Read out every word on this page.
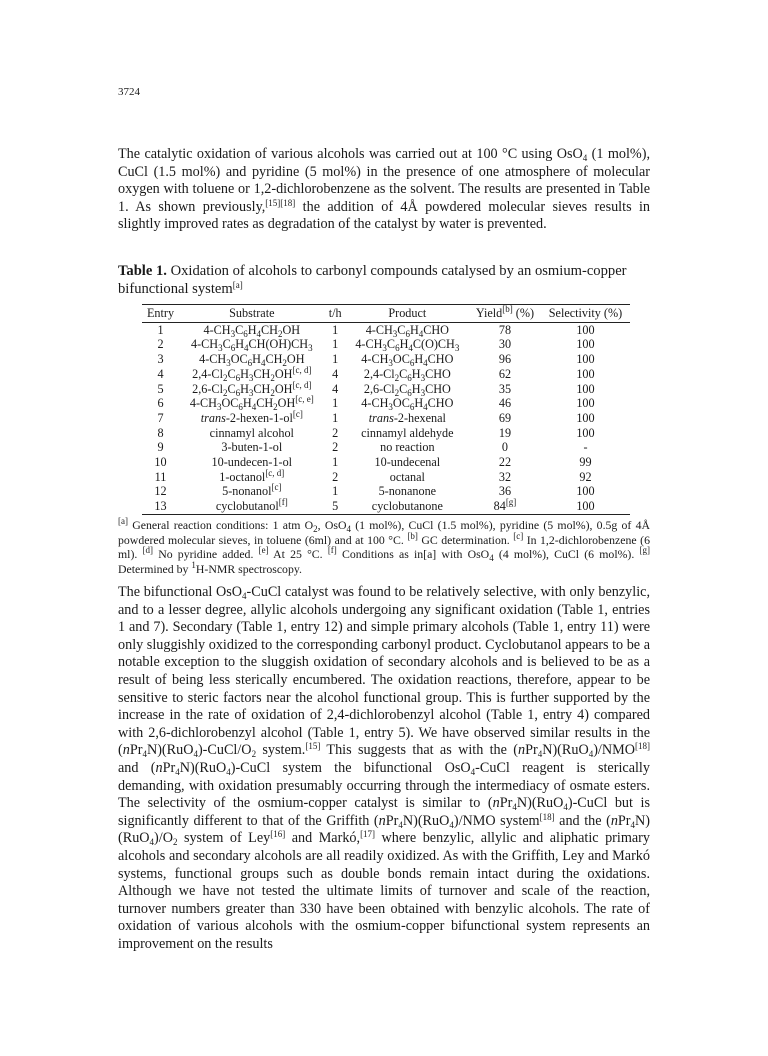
3724

The catalytic oxidation of various alcohols was carried out at 100 °C using OsO$_4$ (1 mol%), CuCl (1.5 mol%) and pyridine (5 mol%) in the presence of one atmosphere of molecular oxygen with toluene or 1,2-dichlorobenzene as the solvent. The results are presented in Table 1. As shown previously,[15][18] the addition of 4Å powdered molecular sieves results in slightly improved rates as degradation of the catalyst by water is prevented.

Table 1. Oxidation of alcohols to carbonyl compounds catalysed by an osmium-copper bifunctional system[a]

Entry	Substrate	t/h	Product	Yield[b] (%)	Selectivity (%)
1	$4-CH_3C_6H_4CH_2OH$	1	$4-CH_3C_6H_4CHO$	78	100
2	$4-CH_3C_6H_4CH(OH)CH_3$	1	$4-CH_3C_6H_4C(O)CH_3$	30	100
3	$4-CH_3OC_6H_4CH_2OH$	1	$4-CH_3OC_6H_4CHO$	96	100
4	$2,4-Cl_2C_6H_3CH_2OH[c, d]$	4	$2,4-Cl_2C_6H_3CHO$	62	100
5	$2,6-Cl_2C_6H_3CH_2OH[c, d]$	4	$2,6-Cl_2C_6H_3CHO$	35	100
6	$4-CH_3OC_6H_4CH_2OH[c, e]$	1	$4-CH_3OC_6H_4CHO$	46	100
7	trans-2-hexen-1-ol[c]	1	trans-2-hexenal	69	100
8	cinnamyl alcohol	2	cinnamyl aldehyde	19	100
9	3-buten-1-ol	2	no reaction	0	-
10	10-undecen-1-ol	1	10-undecenal	22	99
11	1-octanol[c, d]	2	octanal	32	92
12	5-nonanol[c]	1	5-nonanone	36	100
13	cyclobutanol[f]	5	cyclobutanone	84[g]	100

[a] General reaction conditions: 1 atm $O_2$, OsO$_4$ (1 mol%), CuCl (1.5 mol%), pyridine (5 mol%), 0.5g of 4Å powdered molecular sieves, in toluene (6ml) and at 100 °C. [b] GC determination. [c] In 1,2-dichlorobenzene (6 ml). [d] No pyridine added. [e] At 25 °C. [f] Conditions as in[a] with OsO$_4$ (4 mol%), CuCl (6 mol%). [g] Determined by $^1$H-NMR spectroscopy.

The bifunctional OsO$_4$-CuCl catalyst was found to be relatively selective, with only benzylic, and to a lesser degree, allylic alcohols undergoing any significant oxidation (Table 1, entries 1 and 7). Secondary (Table 1, entry 12) and simple primary alcohols (Table 1, entry 11) were only sluggishly oxidized to the corresponding carbonyl product. Cyclobutanol appears to be a notable exception to the sluggish oxidation of secondary alcohols and is believed to be as a result of being less sterically encumbered. The oxidation reactions, therefore, appear to be sensitive to steric factors near the alcohol functional group. This is further supported by the increase in the rate of oxidation of 2,4-dichlorobenzyl alcohol (Table 1, entry 4) compared with 2,6-dichlorobenzyl alcohol (Table 1, entry 5). We have observed similar results in the $(nPr_4N)(RuO_4)-CuCl/O_2$ system.[15] This suggests that as with the (nPr$_4$N)(RuO$_4$)/NMO[18] and (nPr$_4$N)(RuO$_4$)-CuCl system the bifunctional OsO$_4$-CuCl reagent is sterically demanding, with oxidation presumably occurring through the intermediacy of osmate esters. The selectivity of the osmium-copper catalyst is similar to (nPr$_4$N)(RuO$_4$)-CuCl but is significantly different to that of the Griffith (nPr$_4$N)(RuO$_4$)/NMO system[18] and the $(nPr_4N)(RuO_4)/O_2$ system of Ley[16] and Markó,[17] where benzylic, allylic and aliphatic primary alcohols and secondary alcohols are all readily oxidized. As with the Griffith, Ley and Markó systems, functional groups such as double bonds remain intact during the oxidations. Although we have not tested the ultimate limits of turnover and scale of the reaction, turnover numbers greater than 330 have been obtained with benzylic alcohols. The rate of oxidation of various alcohols with the osmium-copper bifunctional system represents an improvement on the results
